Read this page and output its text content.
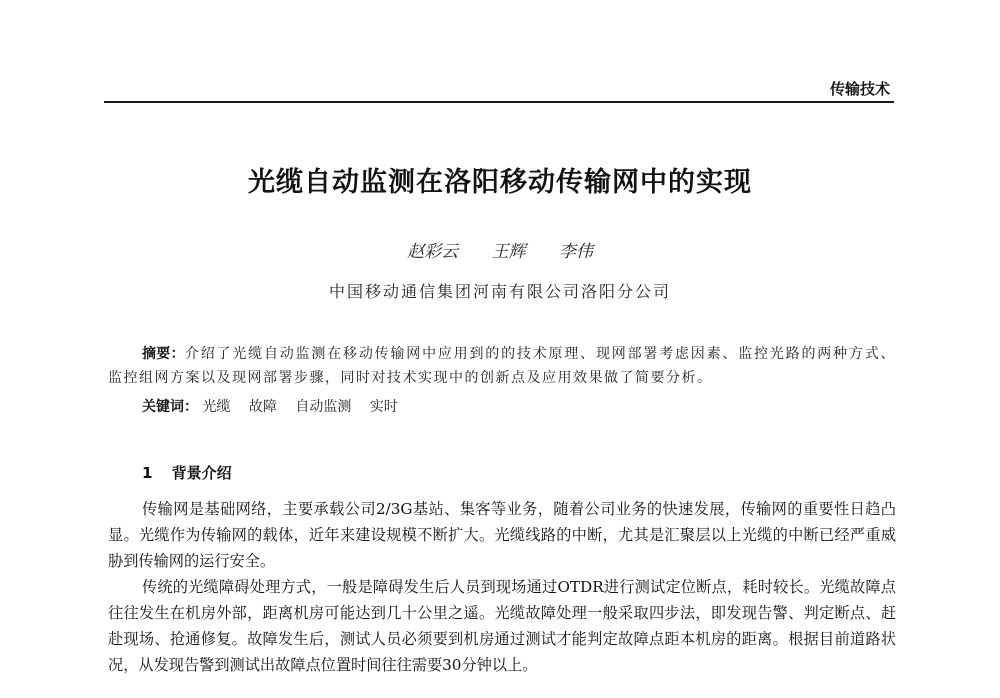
传输技术
光缆自动监测在洛阳移动传输网中的实现
赵彩云 王辉 李伟
中国移动通信集团河南有限公司洛阳分公司
摘要：介绍了光缆自动监测在移动传输网中应用到的的技术原理、现网部署考虑因素、监控光路的两种方式、监控组网方案以及现网部署步骤，同时对技术实现中的创新点及应用效果做了简要分析。
关键词： 光缆 故障 自动监测 实时
1 背景介绍

传输网是基础网络，主要承载公司2/3G基站、集客等业务，随着公司业务的快速发展，传输网的重要性日趋凸显。光缆作为传输网的载体，近年来建设规模不断扩大。光缆线路的中断，尤其是汇聚层以上光缆的中断已经严重威胁到传输网的运行安全。

传统的光缆障碍处理方式，一般是障碍发生后人员到现场通过OTDR进行测试定位断点，耗时较长。光缆故障点往往发生在机房外部，距离机房可能达到几十公里之遥。光缆故障处理一般采取四步法，即发现告警、判定断点、赶赴现场、抢通修复。故障发生后，测试人员必须要到机房通过测试才能判定故障点距本机房的距离。根据目前道路状况，从发现告警到测试出故障点位置时间往往需要30分钟以上。
